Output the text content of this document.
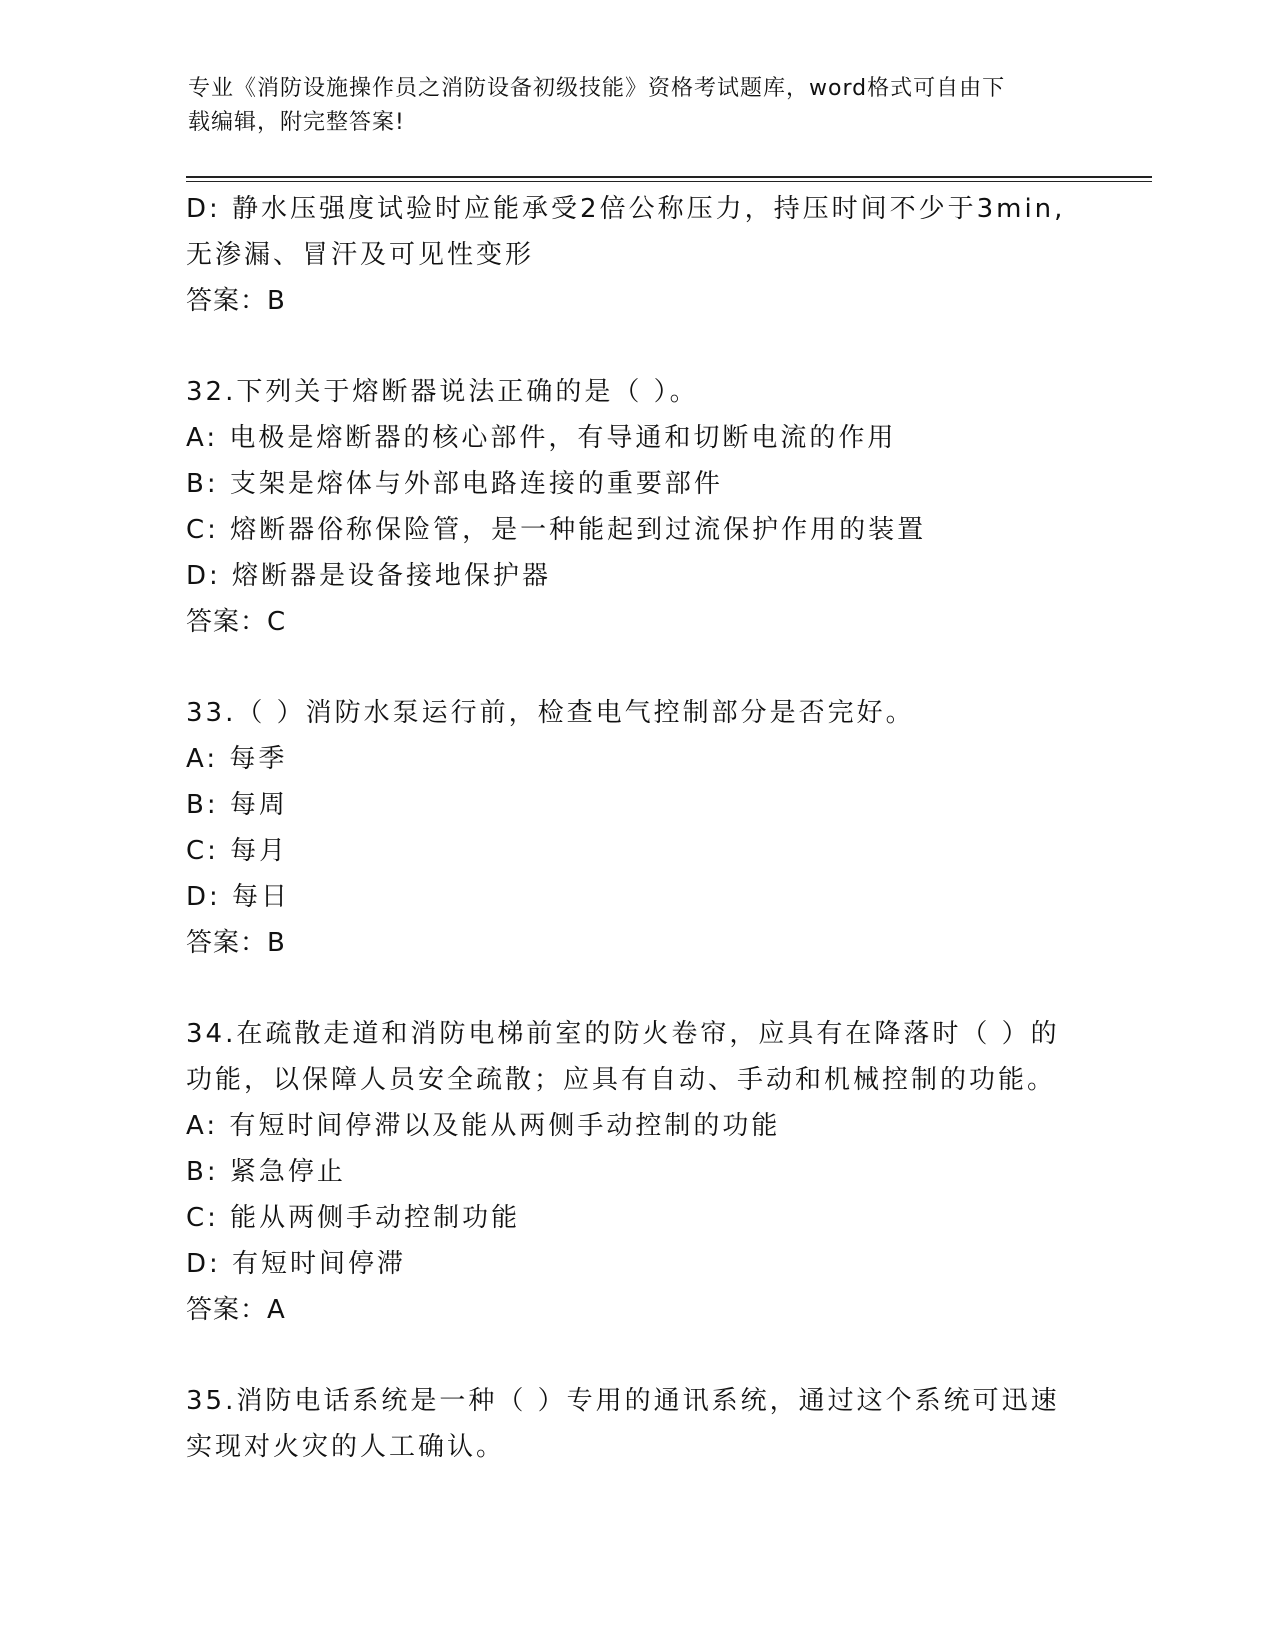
专业《消防设施操作员之消防设备初级技能》资格考试题库，word格式可自由下
载编辑，附完整答案!
D: 静水压强度试验时应能承受2倍公称压力，持压时间不少于3min,
无渗漏、冒汗及可见性变形
答案：B
32.下列关于熔断器说法正确的是（ ）。
A: 电极是熔断器的核心部件，有导通和切断电流的作用
B: 支架是熔体与外部电路连接的重要部件
C: 熔断器俗称保险管，是一种能起到过流保护作用的装置
D: 熔断器是设备接地保护器
答案：C
33.（ ）消防水泵运行前，检查电气控制部分是否完好。
A: 每季
B: 每周
C: 每月
D: 每日
答案：B
34.在疏散走道和消防电梯前室的防火卷帘，应具有在降落时（ ）的
功能，以保障人员安全疏散；应具有自动、手动和机械控制的功能。
A: 有短时间停滞以及能从两侧手动控制的功能
B: 紧急停止
C: 能从两侧手动控制功能
D: 有短时间停滞
答案：A
35.消防电话系统是一种（ ）专用的通讯系统，通过这个系统可迅速
实现对火灾的人工确认。
